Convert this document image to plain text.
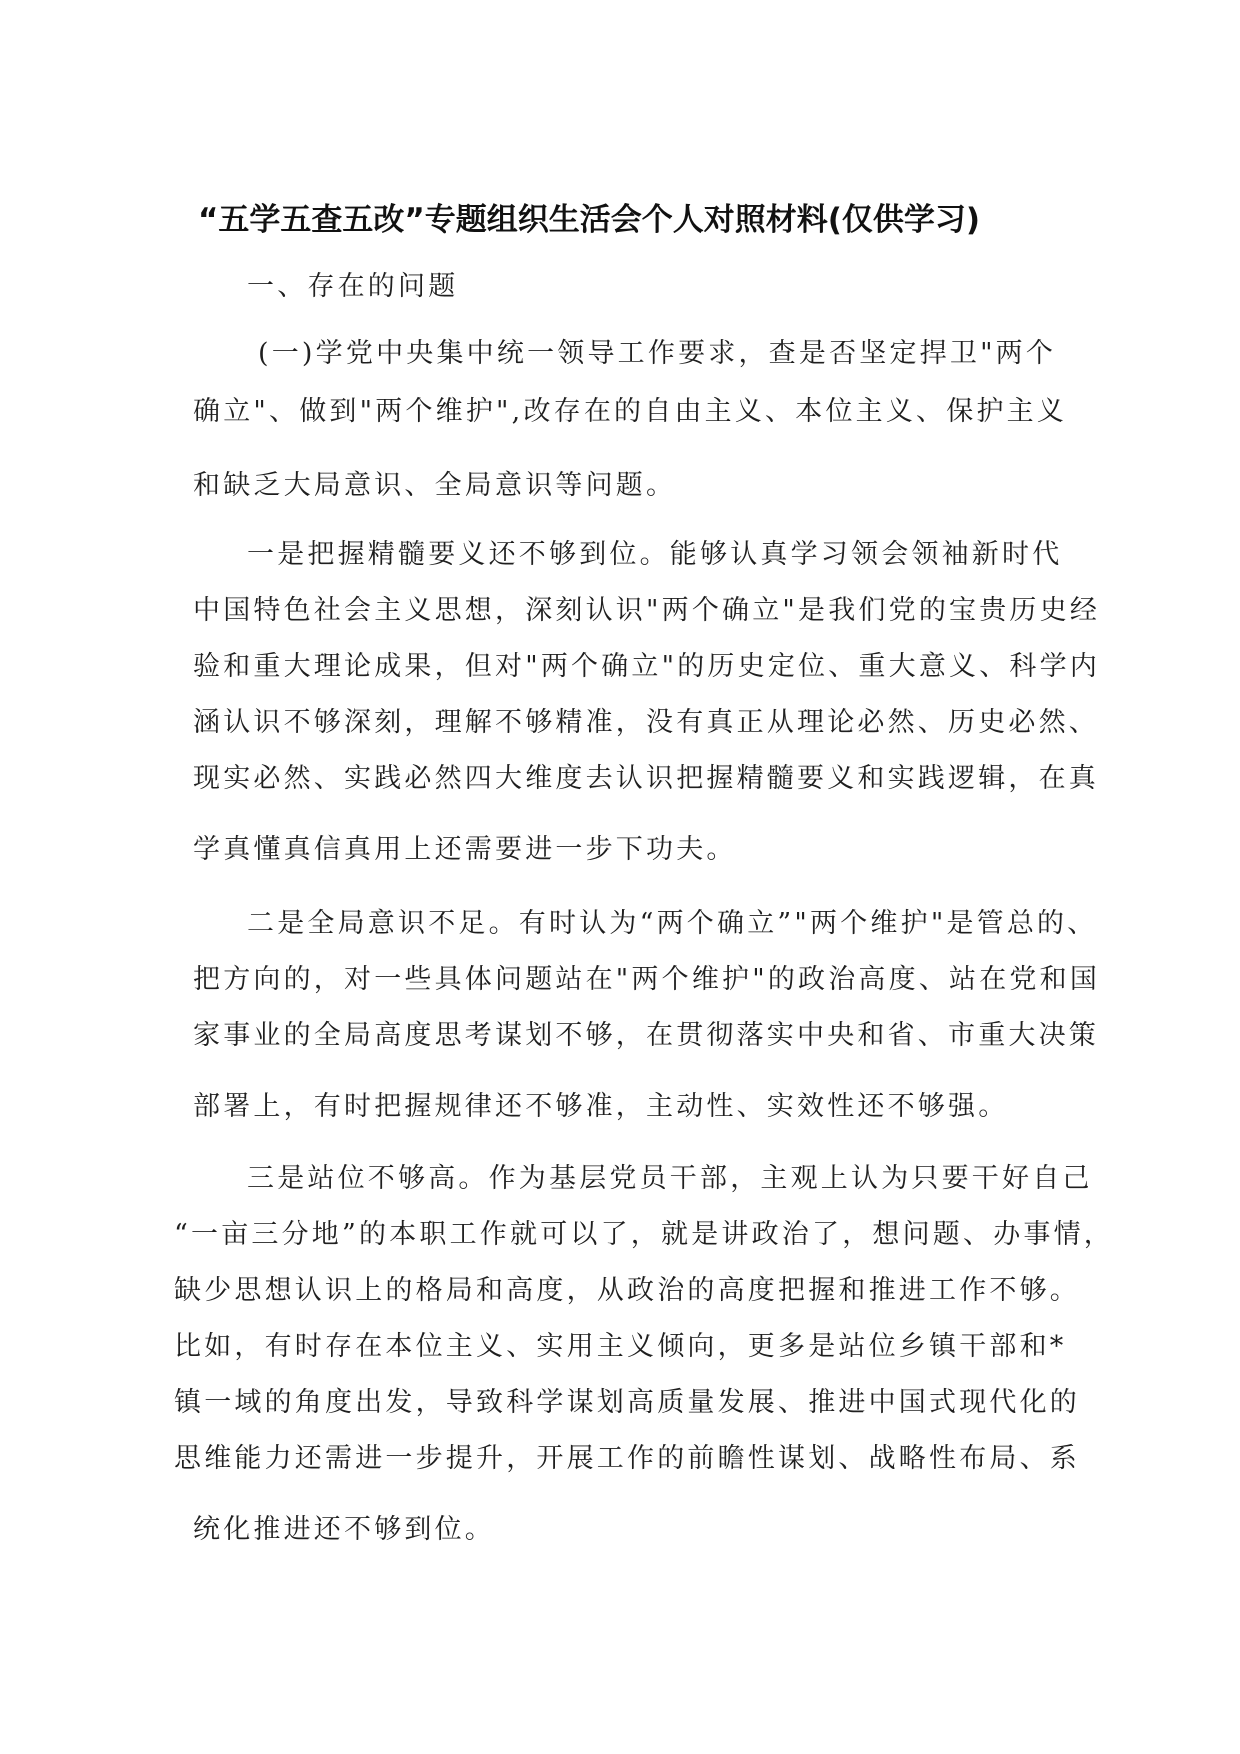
“五学五查五改”专题组织生活会个人对照材料(仅供学习)
一、存在的问题
(一)学党中央集中统一领导工作要求，查是否坚定捍卫"两个
确立"、做到"两个维护",改存在的自由主义、本位主义、保护主义
和缺乏大局意识、全局意识等问题。
一是把握精髓要义还不够到位。能够认真学习领会领袖新时代
中国特色社会主义思想，深刻认识"两个确立"是我们党的宝贵历史经
验和重大理论成果，但对"两个确立"的历史定位、重大意义、科学内
涵认识不够深刻，理解不够精准，没有真正从理论必然、历史必然、
现实必然、实践必然四大维度去认识把握精髓要义和实践逻辑，在真
学真懂真信真用上还需要进一步下功夫。
二是全局意识不足。有时认为“两个确立”"两个维护"是管总的、
把方向的，对一些具体问题站在"两个维护"的政治高度、站在党和国
家事业的全局高度思考谋划不够，在贯彻落实中央和省、市重大决策
部署上，有时把握规律还不够准，主动性、实效性还不够强。
三是站位不够高。作为基层党员干部，主观上认为只要干好自己
“一亩三分地”的本职工作就可以了，就是讲政治了，想问题、办事情，
缺少思想认识上的格局和高度，从政治的高度把握和推进工作不够。
比如，有时存在本位主义、实用主义倾向，更多是站位乡镇干部和*
镇一域的角度出发，导致科学谋划高质量发展、推进中国式现代化的
思维能力还需进一步提升，开展工作的前瞻性谋划、战略性布局、系
统化推进还不够到位。
